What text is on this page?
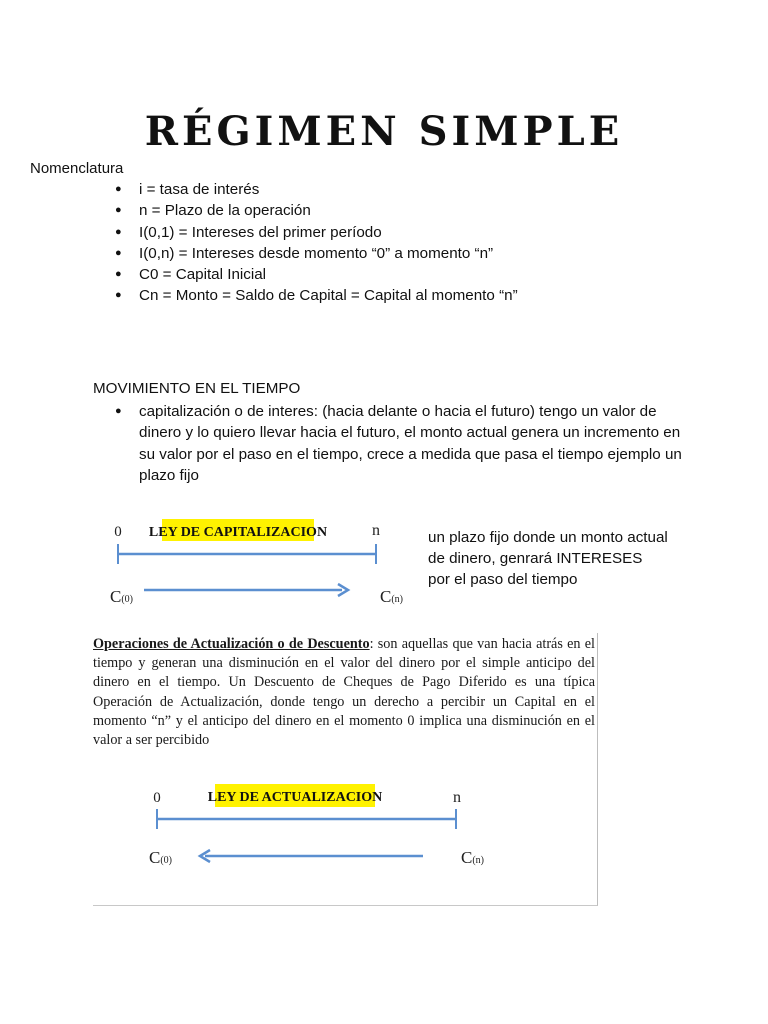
RÉGIMEN SIMPLE
Nomenclatura
● i = tasa de interés
● n = Plazo de la operación
● I(0,1) = Intereses del primer período
● I(0,n) = Intereses desde momento “0” a momento “n”
● C0 = Capital Inicial
● Cn = Monto = Saldo de Capital = Capital al momento “n”
MOVIMIENTO EN EL TIEMPO
● capitalización o de interes: (hacia delante o hacia el futuro) tengo un valor de dinero y lo quiero llevar hacia el futuro, el monto actual genera un incremento en su valor por el paso en el tiempo, crece a medida que pasa el tiempo ejemplo un plazo fijo
LEY DE CAPITALIZACION
0	n
C(0)	C(n)
un plazo fijo donde un monto actual de dinero, genrará INTERESES por el paso del tiempo
Operaciones de Actualización o de Descuento: son aquellas que van hacia atrás en el tiempo y generan una disminución en el valor del dinero por el simple anticipo del dinero en el tiempo. Un Descuento de Cheques de Pago Diferido es una típica Operación de Actualización, donde tengo un derecho a percibir un Capital en el momento “n” y el anticipo del dinero en el momento 0 implica una disminución en el valor a ser percibido
LEY DE ACTUALIZACION
0	n
C(0)	C(n)
